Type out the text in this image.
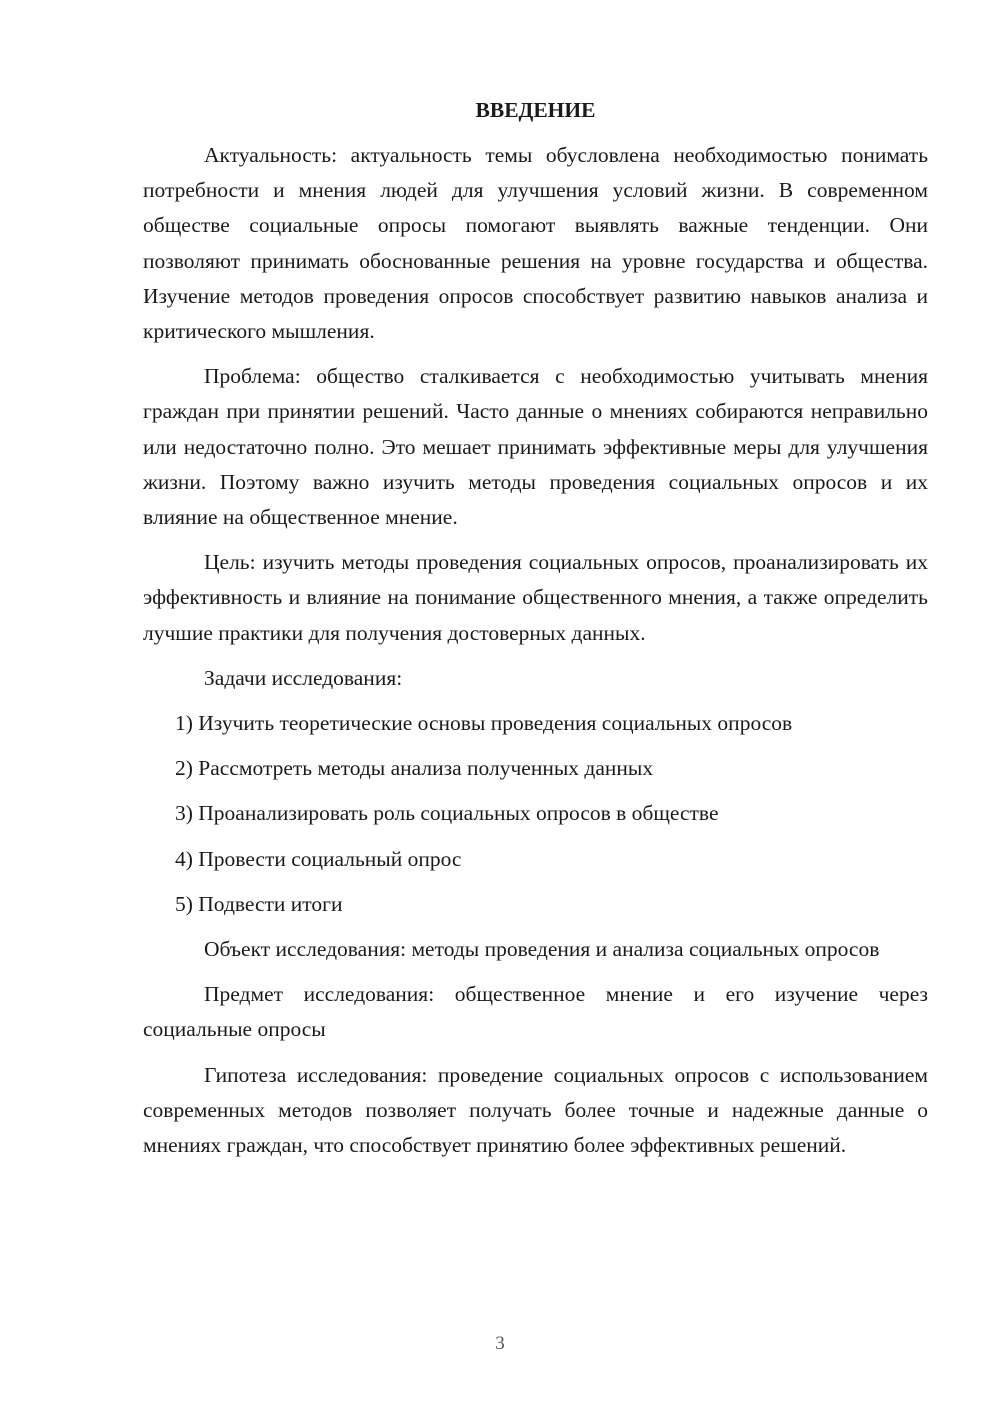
ВВЕДЕНИЕ

Актуальность: актуальность темы обусловлена необходимостью понимать потребности и мнения людей для улучшения условий жизни. В современном обществе социальные опросы помогают выявлять важные тенденции. Они позволяют принимать обоснованные решения на уровне государства и общества. Изучение методов проведения опросов способствует развитию навыков анализа и критического мышления.

Проблема: общество сталкивается с необходимостью учитывать мнения граждан при принятии решений. Часто данные о мнениях собираются неправильно или недостаточно полно. Это мешает принимать эффективные меры для улучшения жизни. Поэтому важно изучить методы проведения социальных опросов и их влияние на общественное мнение.

Цель: изучить методы проведения социальных опросов, проанализировать их эффективность и влияние на понимание общественного мнения, а также определить лучшие практики для получения достоверных данных.

Задачи исследования:

1) Изучить теоретические основы проведения социальных опросов
2) Рассмотреть методы анализа полученных данных
3) Проанализировать роль социальных опросов в обществе
4) Провести социальный опрос
5) Подвести итоги

Объект исследования: методы проведения и анализа социальных опросов

Предмет исследования: общественное мнение и его изучение через социальные опросы

Гипотеза исследования: проведение социальных опросов с использованием современных методов позволяет получать более точные и надежные данные о мнениях граждан, что способствует принятию более эффективных решений.

3
